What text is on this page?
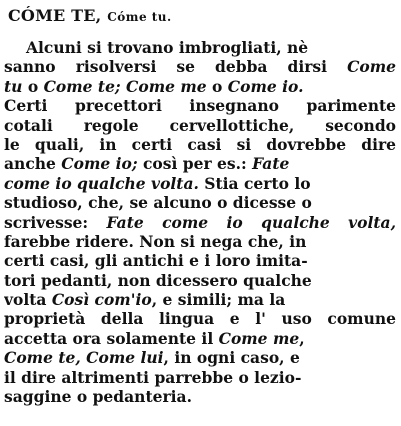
CÓME TE, Cóme tu.
Alcuni si trovano imbrogliati, nè
sanno risolversi se debba dirsi Come
tu o Come te; Come me o Come io.
Certi precettori insegnano parimente
cotali regole cervellottiche, secondo
le quali, in certi casi si dovrebbe dire
anche Come io; così per es.: Fate
come io qualche volta. Stia certo lo
studioso, che, se alcuno o dicesse o
scrivesse: Fate come io qualche volta,
farebbe ridere. Non si nega che, in
certi casi, gli antichi e i loro imita-
tori pedanti, non dicessero qualche
volta Così com'io, e simili; ma la
proprietà della lingua e l' uso comune
accetta ora solamente il Come me,
Come te, Come lui, in ogni caso, e
il dire altrimenti parrebbe o lezio-
saggine o pedanteria.
